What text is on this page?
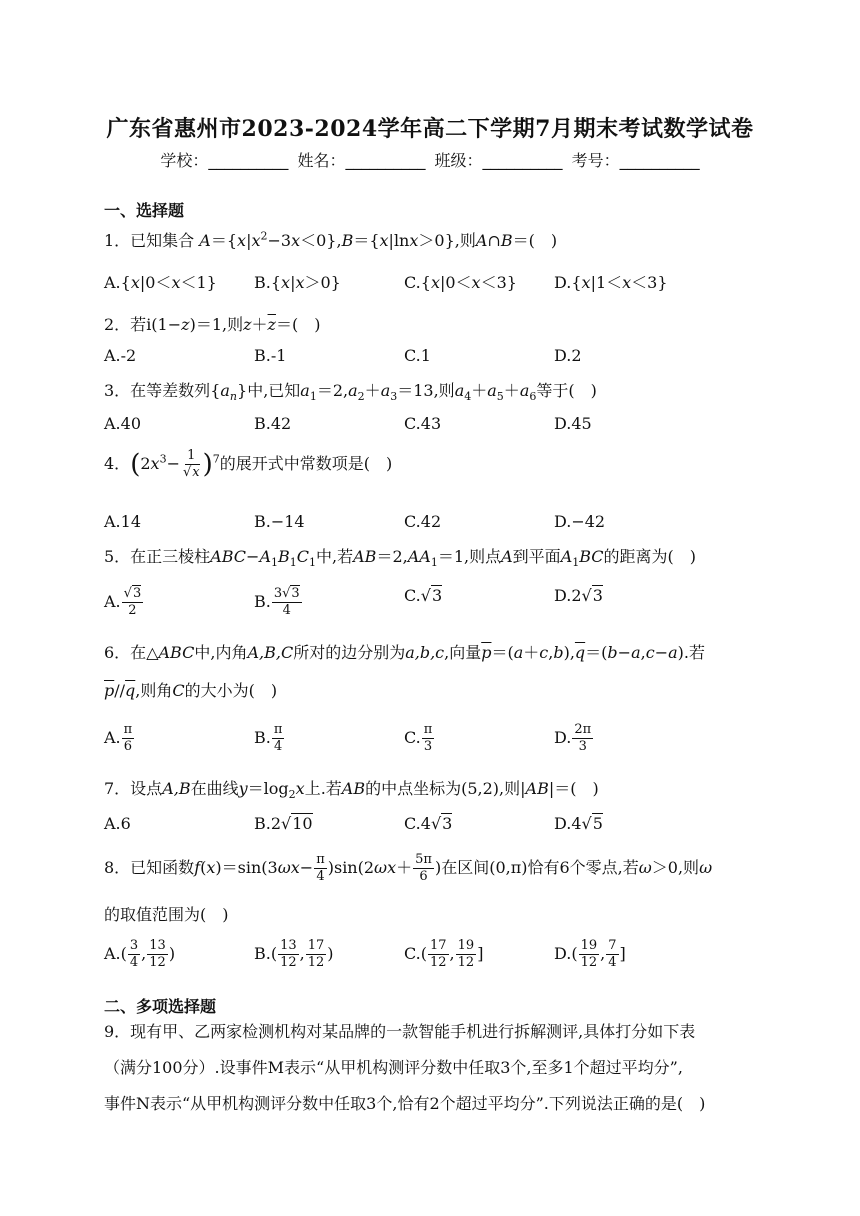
广东省惠州市2023-2024学年高二下学期7月期末考试数学试卷
学校：__________ 姓名：__________ 班级：__________ 考号：__________
一、选择题
1．已知集合 $A=\{x|x^2-3x<0\},B=\{x|\ln x>0\}$,则A∩B＝(　)
A.{x|0＜x＜1} B.{x|x＞0}	C.{x|0＜x＜3} D.{x|1＜x＜3}
2．若i(1−z)＝1,则$z+\overline{z}=$(　)
A.-2	B.-1	C.1	D.2
3．在等差数列$\{a_n\}$中,已知$a_1=2,a_2+a_3=13$,则$a_4+a_5+a_6$等于(　)
A.40	B.42	C.43	D.45
4．$(2x^3- \frac{1}{√x} )^7$的展开式中常数项是(　)
A.14	B.−14	C.42	D.−42
5．在正三棱柱$ABC-A_1B_1C_1$中,若$AB=2,AA_1=1$,则点A到平面$A_1BC$的距离为(　)
A. $\frac{√3}{2}$	B. $\frac{3√3}{4}$	C.√3	D.2√3
6．在△ABC中,内角A,B,C所对的边分别为a,b,c,向量$\overline{p}=(a+c,b),\overline{q}=(b-a,c-a)$.若
$\overline{p}//\overline{q}$,则角C的大小为(　)
A. $\frac{\pi}{6}$	B. $\frac{\pi}{4}$	C. $\frac{\pi}{3}$	D. $\frac{2\pi}{3}$
7．设点A,B在曲线$y=\log_2x$上.若AB的中点坐标为(5,2),则|AB|＝(　)
A.6	B.2√10	C.4√3	D.4√5
8．已知函数$f(x)=\sin(3\omega x- \frac{\pi}{4} )\sin(2\omega x+ \frac{5\pi}{6}$ )在区间(0,π)恰有6个零点,若ω＞0,则ω
的取值范围为(　)
$A.( \frac{3}{4}$ , $\frac{13}{12}$ )	$B.( \frac{13}{12}$ , $\frac{17}{12}$ )	$C.( \frac{17}{12}$ , $\frac{19}{12}$ ]	$D.( \frac{19}{12}$ , $\frac{7}{4}$ ]
二、多项选择题
9．现有甲、乙两家检测机构对某品牌的一款智能手机进行拆解测评,具体打分如下表
（满分100分）.设事件M表示“从甲机构测评分数中任取3个,至多1个超过平均分”,
事件N表示“从甲机构测评分数中任取3个,恰有2个超过平均分”.下列说法正确的是(　)
